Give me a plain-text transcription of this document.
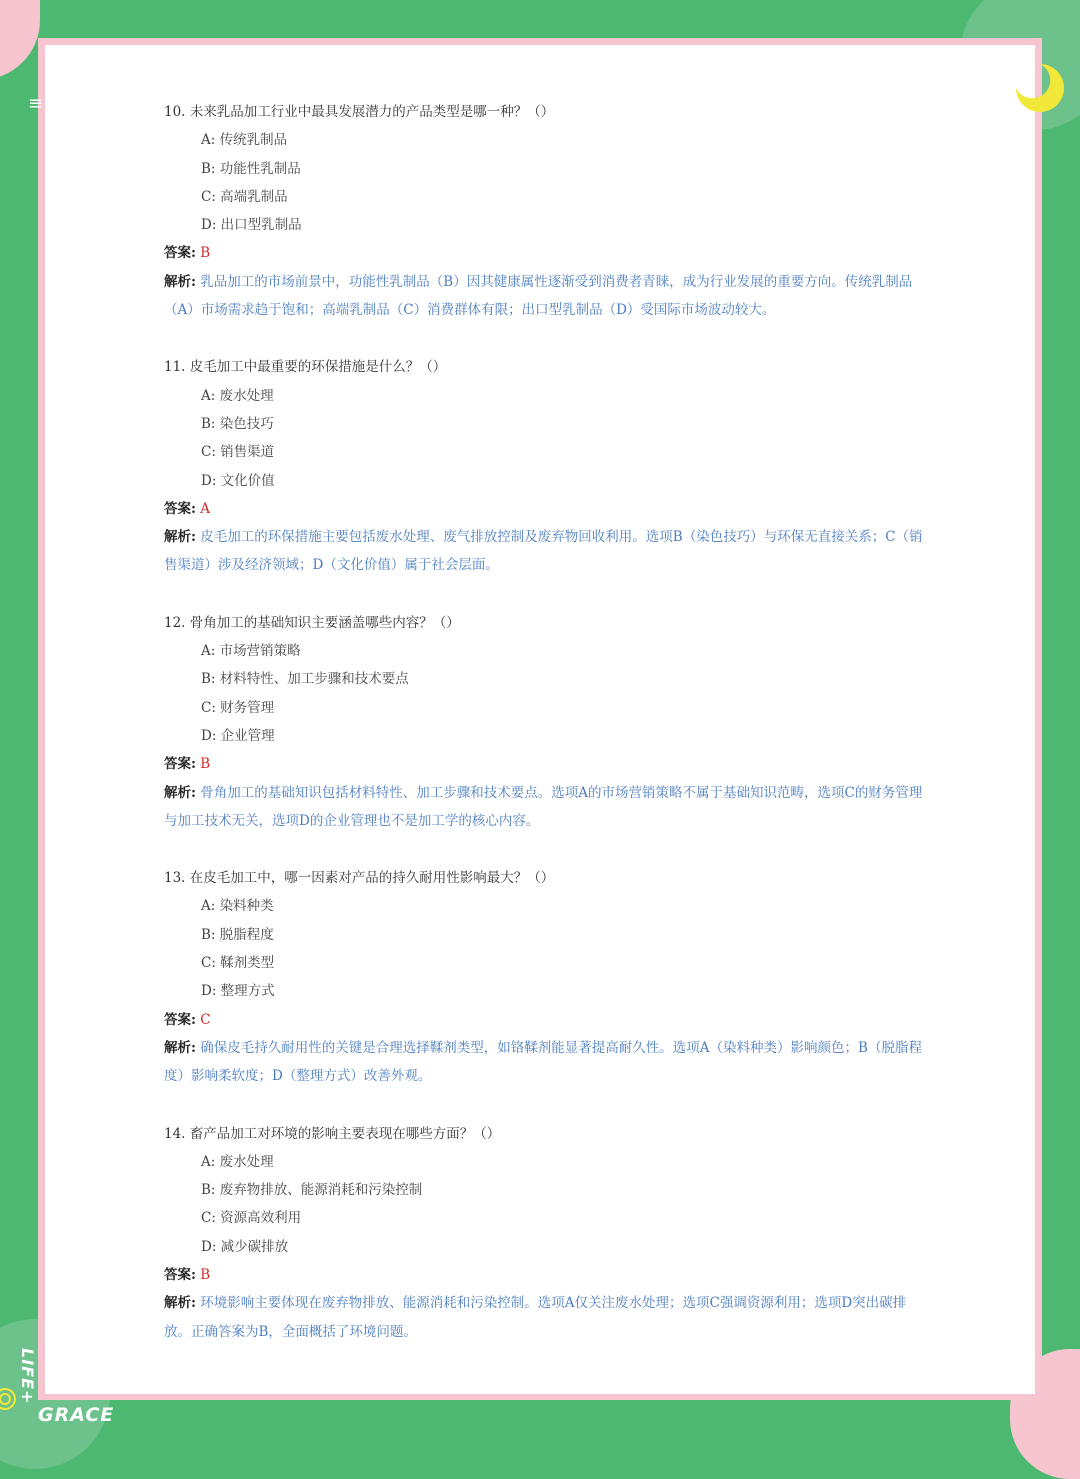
≡	10. 未来乳品加工行业中最具发展潜力的产品类型是哪一种？（）
A: 传统乳制品
B: 功能性乳制品
C: 高端乳制品
D: 出口型乳制品
答案: B
解析: 乳品加工的市场前景中，功能性乳制品（B）因其健康属性逐渐受到消费者青睐，成为行业发展的重要方向。传统乳制品（A）市场需求趋于饱和；高端乳制品（C）消费群体有限；出口型乳制品（D）受国际市场波动较大。
11. 皮毛加工中最重要的环保措施是什么？（）
A: 废水处理
B: 染色技巧
C: 销售渠道
D: 文化价值
答案: A
解析: 皮毛加工的环保措施主要包括废水处理、废气排放控制及废弃物回收利用。选项B（染色技巧）与环保无直接关系；C（销售渠道）涉及经济领域；D（文化价值）属于社会层面。
12. 骨角加工的基础知识主要涵盖哪些内容？（）
A: 市场营销策略
B: 材料特性、加工步骤和技术要点
C: 财务管理
D: 企业管理
答案: B
解析: 骨角加工的基础知识包括材料特性、加工步骤和技术要点。选项A的市场营销策略不属于基础知识范畴，选项C的财务管理与加工技术无关，选项D的企业管理也不是加工学的核心内容。
13. 在皮毛加工中，哪一因素对产品的持久耐用性影响最大？（）
A: 染料种类
B: 脱脂程度
C: 鞣剂类型
D: 整理方式
答案: C
解析: 确保皮毛持久耐用性的关键是合理选择鞣剂类型，如铬鞣剂能显著提高耐久性。选项A（染料种类）影响颜色；B（脱脂程度）影响柔软度；D（整理方式）改善外观。
14. 畜产品加工对环境的影响主要表现在哪些方面？（）
A: 废水处理
B: 废弃物排放、能源消耗和污染控制
C: 资源高效利用
D: 减少碳排放
答案: B
解析: 环境影响主要体现在废弃物排放、能源消耗和污染控制。选项A仅关注废水处理；选项C强调资源利用；选项D突出碳排放。正确答案为B，全面概括了环境问题。
LIFE+
GRACE
